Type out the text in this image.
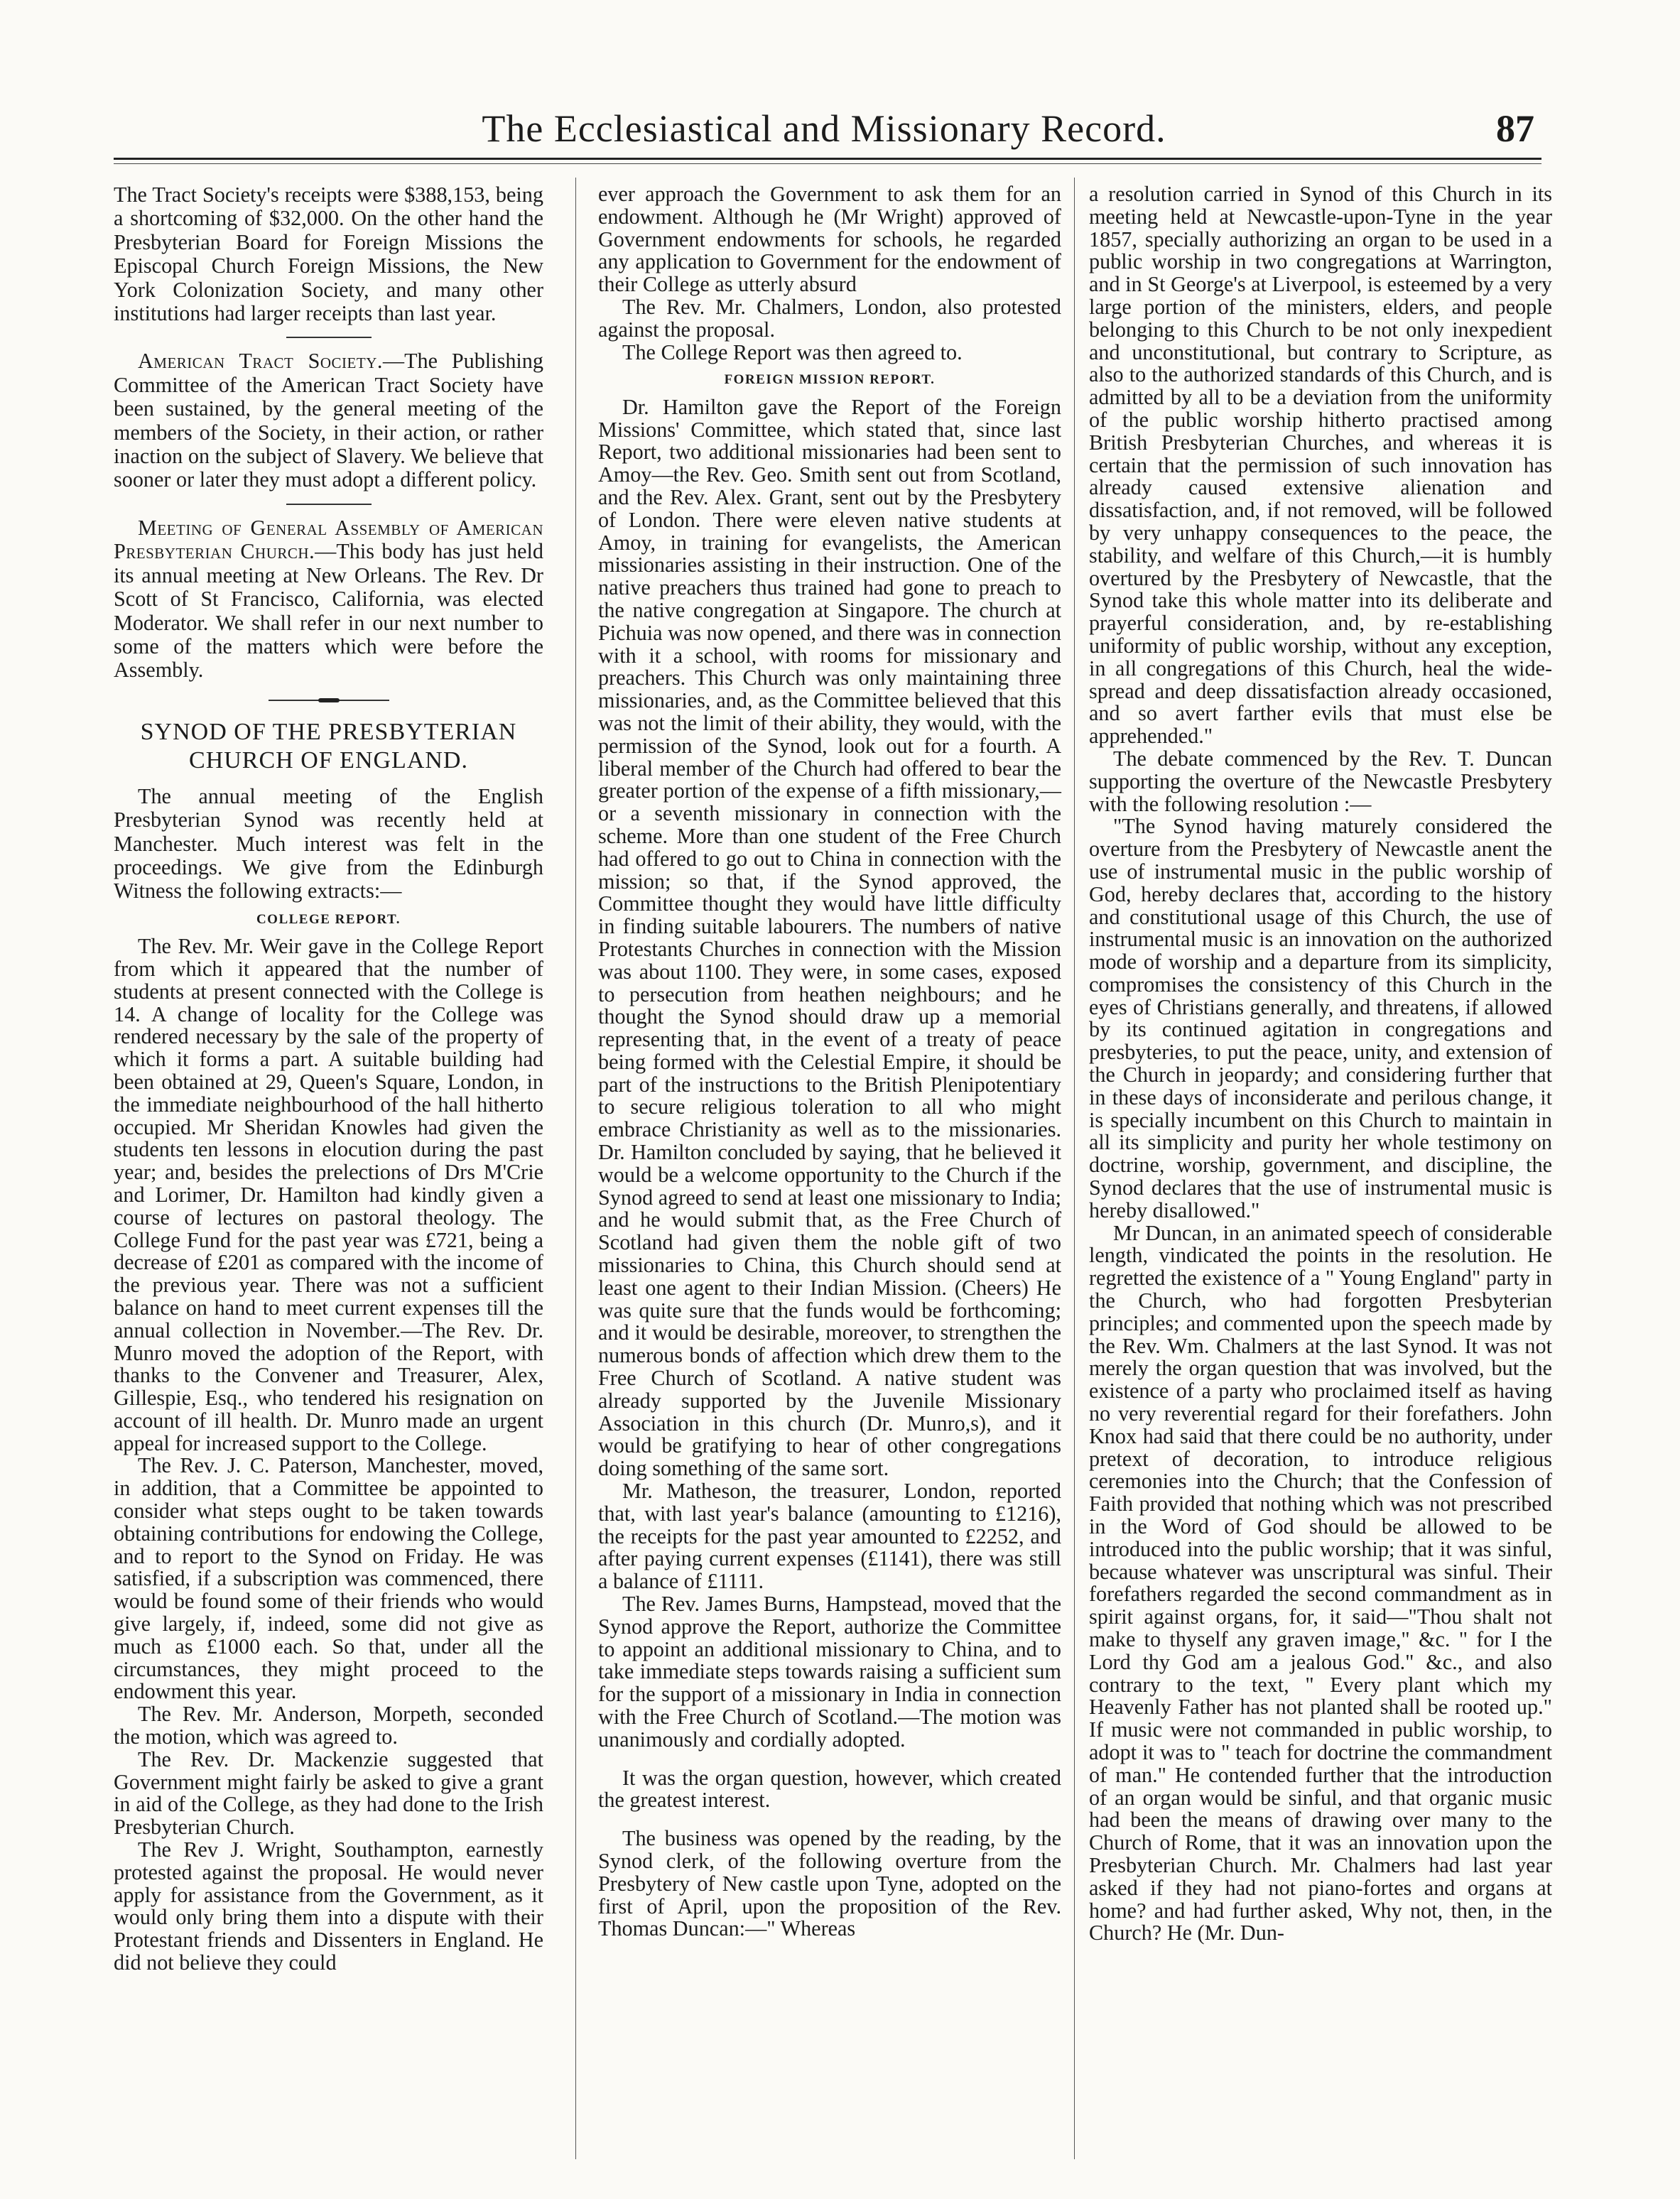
The Ecclesiastical and Missionary Record.	87

The Tract Society's receipts were $388,153, being a shortcoming of $32,000. On the other hand the Presbyterian Board for Foreign Missions the Episcopal Church Foreign Missions, the New York Colonization Society, and many other institutions had larger receipts than last year.

American Tract Society.—The Publishing Committee of the American Tract Society have been sustained, by the general meeting of the members of the Society, in their action, or rather inaction on the subject of Slavery. We believe that sooner or later they must adopt a different policy.

Meeting of General Assembly of American Presbyterian Church.—This body has just held its annual meeting at New Orleans. The Rev. Dr Scott of St Francisco, California, was elected Moderator. We shall refer in our next number to some of the matters which were before the Assembly.

SYNOD OF THE PRESBYTERIAN CHURCH OF ENGLAND.

The annual meeting of the English Presbyterian Synod was recently held at Manchester. Much interest was felt in the proceedings. We give from the Edinburgh Witness the following extracts:—

COLLEGE REPORT.

The Rev. Mr. Weir gave in the College Report from which it appeared that the number of students at present connected with the College is 14. A change of locality for the College was rendered necessary by the sale of the property of which it forms a part. A suitable building had been obtained at 29, Queen's Square, London, in the immediate neighbourhood of the hall hitherto occupied. Mr Sheridan Knowles had given the students ten lessons in elocution during the past year; and, besides the prelections of Drs M'Crie and Lorimer, Dr. Hamilton had kindly given a course of lectures on pastoral theology. The College Fund for the past year was £721, being a decrease of £201 as compared with the income of the previous year. There was not a sufficient balance on hand to meet current expenses till the annual collection in November.—The Rev. Dr. Munro moved the adoption of the Report, with thanks to the Convener and Treasurer, Alex, Gillespie, Esq., who tendered his resignation on account of ill health. Dr. Munro made an urgent appeal for increased support to the College.

The Rev. J. C. Paterson, Manchester, moved, in addition, that a Committee be appointed to consider what steps ought to be taken towards obtaining contributions for endowing the College, and to report to the Synod on Friday. He was satisfied, if a subscription was commenced, there would be found some of their friends who would give largely, if, indeed, some did not give as much as £1000 each. So that, under all the circumstances, they might proceed to the endowment this year.

The Rev. Mr. Anderson, Morpeth, seconded the motion, which was agreed to.

The Rev. Dr. Mackenzie suggested that Government might fairly be asked to give a grant in aid of the College, as they had done to the Irish Presbyterian Church.

The Rev J. Wright, Southampton, earnestly protested against the proposal. He would never apply for assistance from the Government, as it would only bring them into a dispute with their Protestant friends and Dissenters in England. He did not believe they could

ever approach the Government to ask them for an endowment. Although he (Mr Wright) approved of Government endowments for schools, he regarded any application to Government for the endowment of their College as utterly absurd

The Rev. Mr. Chalmers, London, also protested against the proposal.

The College Report was then agreed to.

FOREIGN MISSION REPORT.

Dr. Hamilton gave the Report of the Foreign Missions' Committee, which stated that, since last Report, two additional missionaries had been sent to Amoy—the Rev. Geo. Smith sent out from Scotland, and the Rev. Alex. Grant, sent out by the Presbytery of London. There were eleven native students at Amoy, in training for evangelists, the American missionaries assisting in their instruction. One of the native preachers thus trained had gone to preach to the native congregation at Singapore. The church at Pichuia was now opened, and there was in connection with it a school, with rooms for missionary and preachers. This Church was only maintaining three missionaries, and, as the Committee believed that this was not the limit of their ability, they would, with the permission of the Synod, look out for a fourth. A liberal member of the Church had offered to bear the greater portion of the expense of a fifth missionary,—or a seventh missionary in connection with the scheme. More than one student of the Free Church had offered to go out to China in connection with the mission; so that, if the Synod approved, the Committee thought they would have little difficulty in finding suitable labourers. The numbers of native Protestants Churches in connection with the Mission was about 1100. They were, in some cases, exposed to persecution from heathen neighbours; and he thought the Synod should draw up a memorial representing that, in the event of a treaty of peace being formed with the Celestial Empire, it should be part of the instructions to the British Plenipotentiary to secure religious toleration to all who might embrace Christianity as well as to the missionaries. Dr. Hamilton concluded by saying, that he believed it would be a welcome opportunity to the Church if the Synod agreed to send at least one missionary to India; and he would submit that, as the Free Church of Scotland had given them the noble gift of two missionaries to China, this Church should send at least one agent to their Indian Mission. (Cheers) He was quite sure that the funds would be forthcoming; and it would be desirable, moreover, to strengthen the numerous bonds of affection which drew them to the Free Church of Scotland. A native student was already supported by the Juvenile Missionary Association in this church (Dr. Munro,s), and it would be gratifying to hear of other congregations doing something of the same sort.

Mr. Matheson, the treasurer, London, reported that, with last year's balance (amounting to £1216), the receipts for the past year amounted to £2252, and after paying current expenses (£1141), there was still a balance of £1111.

The Rev. James Burns, Hampstead, moved that the Synod approve the Report, authorize the Committee to appoint an additional missionary to China, and to take immediate steps towards raising a sufficient sum for the support of a missionary in India in connection with the Free Church of Scotland.—The motion was unanimously and cordially adopted.

It was the organ question, however, which created the greatest interest.

The business was opened by the reading, by the Synod clerk, of the following overture from the Presbytery of New castle upon Tyne, adopted on the first of April, upon the proposition of the Rev. Thomas Duncan:—" Whereas

a resolution carried in Synod of this Church in its meeting held at Newcastle-upon-Tyne in the year 1857, specially authorizing an organ to be used in a public worship in two congregations at Warrington, and in St George's at Liverpool, is esteemed by a very large portion of the ministers, elders, and people belonging to this Church to be not only inexpedient and unconstitutional, but contrary to Scripture, as also to the authorized standards of this Church, and is admitted by all to be a deviation from the uniformity of the public worship hitherto practised among British Presbyterian Churches, and whereas it is certain that the permission of such innovation has already caused extensive alienation and dissatisfaction, and, if not removed, will be followed by very unhappy consequences to the peace, the stability, and welfare of this Church,—it is humbly overtured by the Presbytery of Newcastle, that the Synod take this whole matter into its deliberate and prayerful consideration, and, by re-establishing uniformity of public worship, without any exception, in all congregations of this Church, heal the wide-spread and deep dissatisfaction already occasioned, and so avert farther evils that must else be apprehended."

The debate commenced by the Rev. T. Duncan supporting the overture of the Newcastle Presbytery with the following resolution :—

"The Synod having maturely considered the overture from the Presbytery of Newcastle anent the use of instrumental music in the public worship of God, hereby declares that, according to the history and constitutional usage of this Church, the use of instrumental music is an innovation on the authorized mode of worship and a departure from its simplicity, compromises the consistency of this Church in the eyes of Christians generally, and threatens, if allowed by its continued agitation in congregations and presbyteries, to put the peace, unity, and extension of the Church in jeopardy; and considering further that in these days of inconsiderate and perilous change, it is specially incumbent on this Church to maintain in all its simplicity and purity her whole testimony on doctrine, worship, government, and discipline, the Synod declares that the use of instrumental music is hereby disallowed."

Mr Duncan, in an animated speech of considerable length, vindicated the points in the resolution. He regretted the existence of a " Young England" party in the Church, who had forgotten Presbyterian principles; and commented upon the speech made by the Rev. Wm. Chalmers at the last Synod. It was not merely the organ question that was involved, but the existence of a party who proclaimed itself as having no very reverential regard for their forefathers. John Knox had said that there could be no authority, under pretext of decoration, to introduce religious ceremonies into the Church; that the Confession of Faith provided that nothing which was not prescribed in the Word of God should be allowed to be introduced into the public worship; that it was sinful, because whatever was unscriptural was sinful. Their forefathers regarded the second commandment as in spirit against organs, for, it said—"Thou shalt not make to thyself any graven image," &c. " for I the Lord thy God am a jealous God." &c., and also contrary to the text, " Every plant which my Heavenly Father has not planted shall be rooted up." If music were not commanded in public worship, to adopt it was to " teach for doctrine the commandment of man." He contended further that the introduction of an organ would be sinful, and that organic music had been the means of drawing over many to the Church of Rome, that it was an innovation upon the Presbyterian Church. Mr. Chalmers had last year asked if they had not piano-fortes and organs at home? and had further asked, Why not, then, in the Church? He (Mr. Dun-
